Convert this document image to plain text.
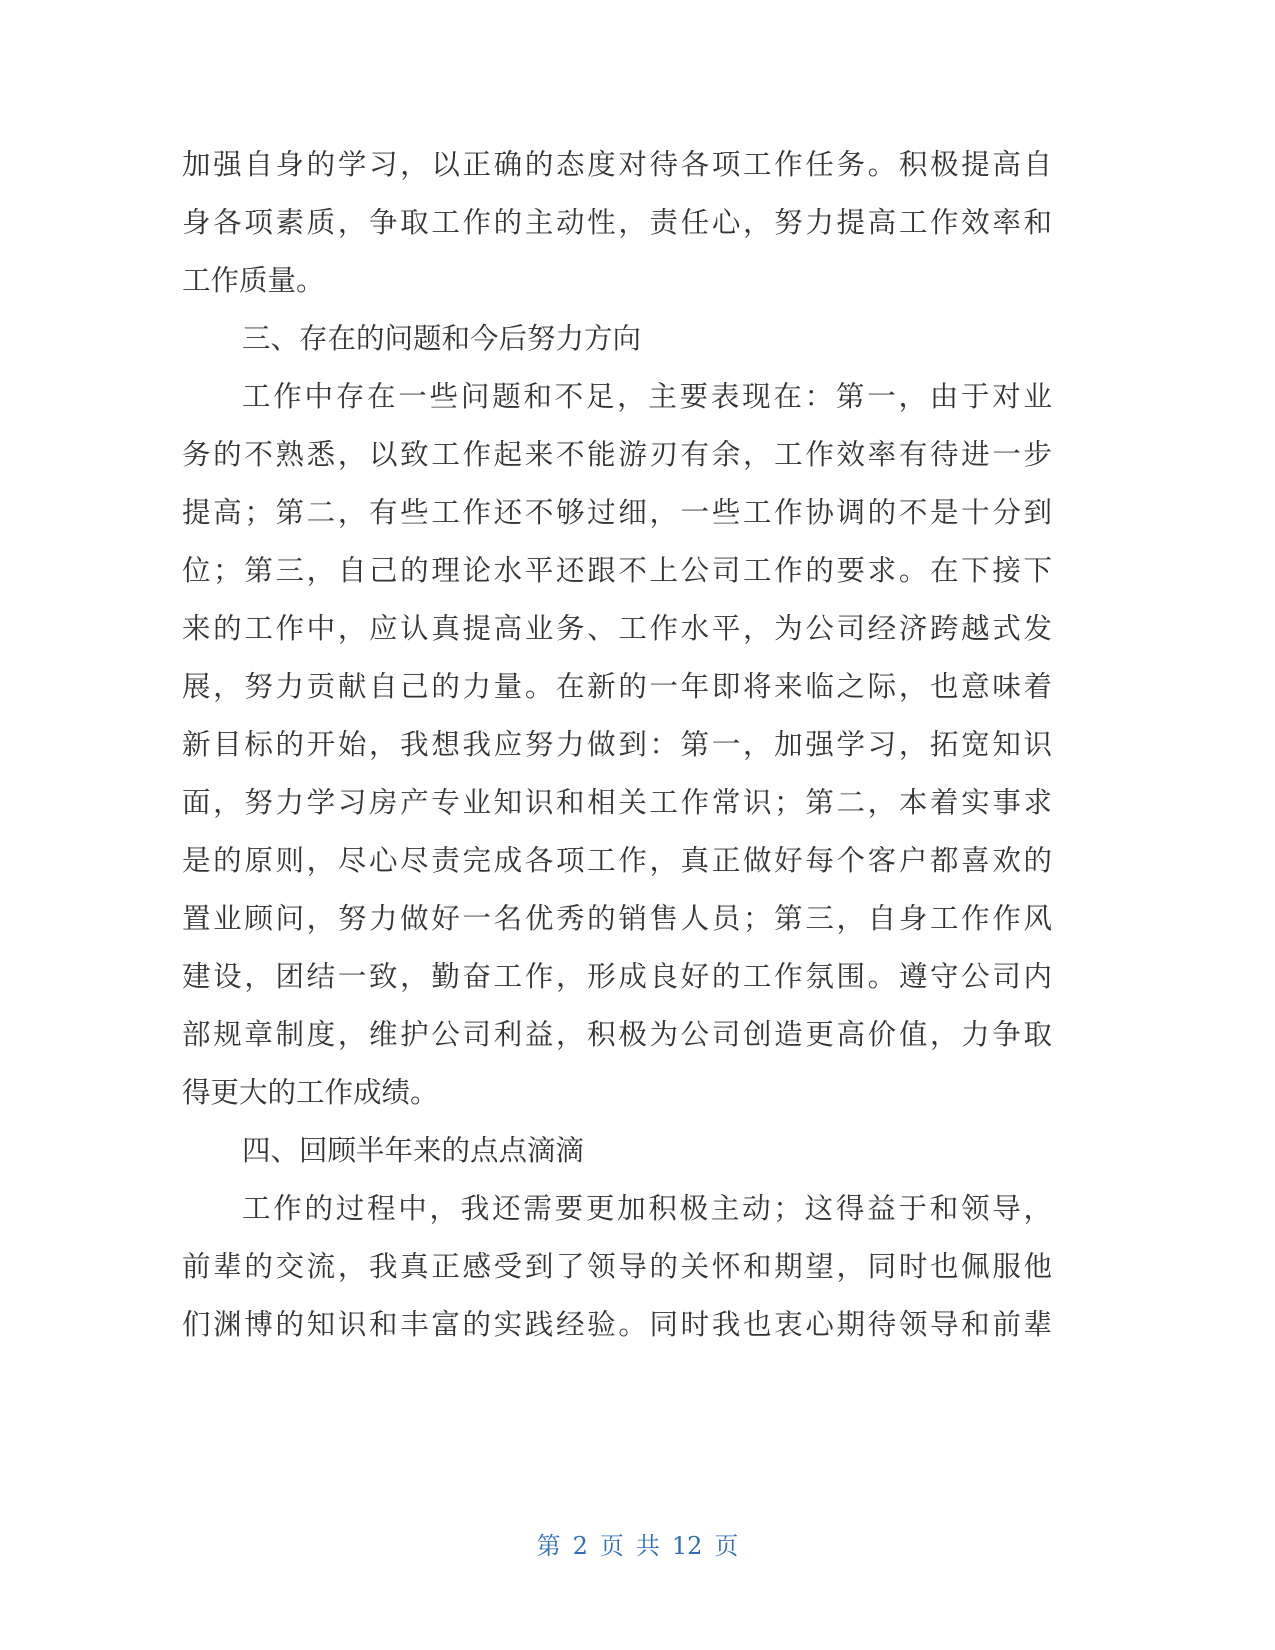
加强自身的学习，以正确的态度对待各项工作任务。积极提高自
身各项素质，争取工作的主动性，责任心，努力提高工作效率和
工作质量。
三、存在的问题和今后努力方向
工作中存在一些问题和不足，主要表现在：第一，由于对业
务的不熟悉，以致工作起来不能游刃有余，工作效率有待进一步
提高；第二，有些工作还不够过细，一些工作协调的不是十分到
位；第三，自己的理论水平还跟不上公司工作的要求。在下接下
来的工作中，应认真提高业务、工作水平，为公司经济跨越式发
展，努力贡献自己的力量。在新的一年即将来临之际，也意味着
新目标的开始，我想我应努力做到：第一，加强学习，拓宽知识
面，努力学习房产专业知识和相关工作常识；第二，本着实事求
是的原则，尽心尽责完成各项工作，真正做好每个客户都喜欢的
置业顾问，努力做好一名优秀的销售人员；第三，自身工作作风
建设，团结一致，勤奋工作，形成良好的工作氛围。遵守公司内
部规章制度，维护公司利益，积极为公司创造更高价值，力争取
得更大的工作成绩。
四、回顾半年来的点点滴滴
工作的过程中，我还需要更加积极主动；这得益于和领导，
前辈的交流，我真正感受到了领导的关怀和期望，同时也佩服他
们渊博的知识和丰富的实践经验。同时我也衷心期待领导和前辈
第 2 页 共 12 页
